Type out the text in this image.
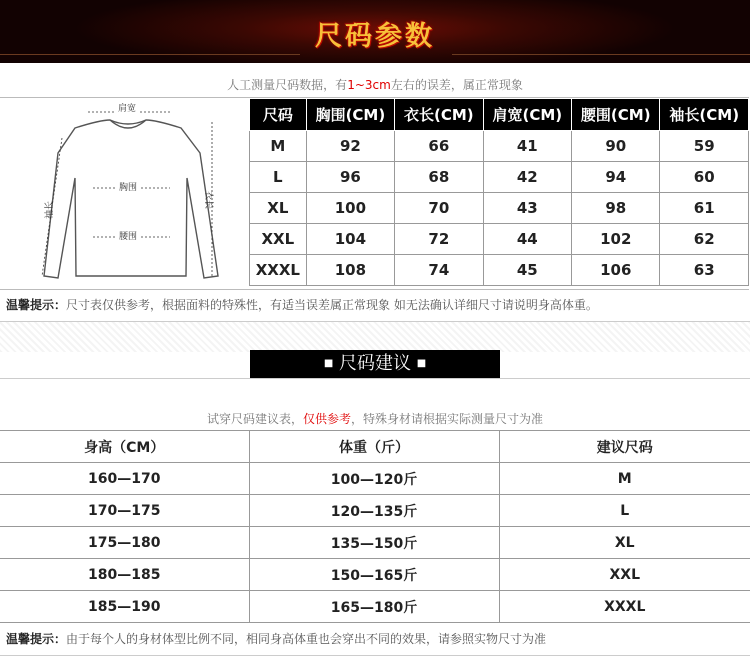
尺码参数
人工测量尺码数据，有1~3cm左右的误差，属正常现象
肩宽
胸围
腰围
袖长
衣长
尺码	胸围(CM)	衣长(CM)	肩宽(CM)	腰围(CM)	袖长(CM)
M	92	66	41	90	59
L	96	68	42	94	60
XL	100	70	43	98	61
XXL	104	72	44	102	62
XXXL	108	74	45	106	63
温馨提示：尺寸表仅供参考，根据面料的特殊性，有适当误差属正常现象 如无法确认详细尺寸请说明身高体重。
■ 尺码建议 ■
试穿尺码建议表，仅供参考，特殊身材请根据实际测量尺寸为准
身高（CM）	体重（斤）	建议尺码
160—170	100—120斤	M
170—175	120—135斤	L
175—180	135—150斤	XL
180—185	150—165斤	XXL
185—190	165—180斤	XXXL
温馨提示：由于每个人的身材体型比例不同，相同身高体重也会穿出不同的效果，请参照实物尺寸为准
